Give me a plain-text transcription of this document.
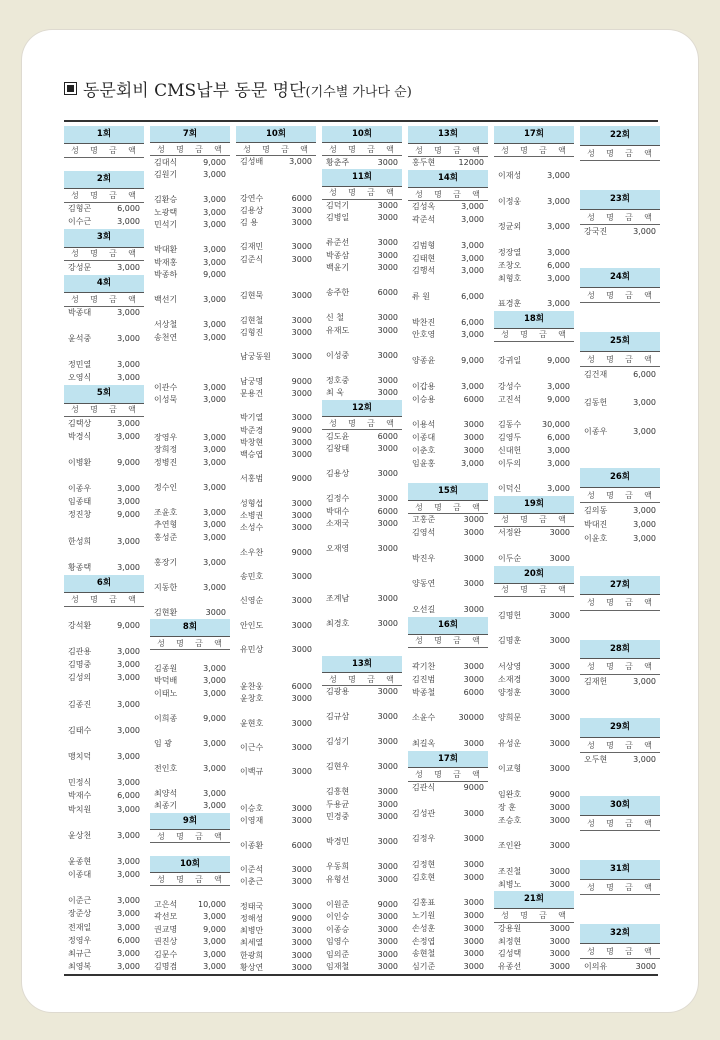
동문회비 CMS납부 동문 명단(기수별 가나다 순)
1회
성	명	금	액
2회
성	명	금	액
김형곤	6,000
이수근	3,000
3회
성	명	금	액
강성문	3,000
4회
성	명	금	액
박종대	3,000
윤석중	3,000
정민열	3,000
오영식	3,000
5회
성	명	금	액
김택상	3,000
박경식	3,000
이병환	9,000
이종우	3,000
임종태	3,000
정진창	9,000
한성희	3,000
황종택	3,000
6회
성	명	금	액
강석환	9,000
김관용	3,000
김명중	3,000
김성의	3,000
김종진	3,000
김태수	3,000
맹치덕	3,000
민정식	3,000
박재수	6,000
박치원	3,000
윤상천	3,000
윤종현	3,000
이종대	3,000
이준근	3,000
장준상	3,000
전재일	3,000
정영우	6,000
최규근	3,000
최영복	3,000
7회
성	명	금	액
김대식	9,000
김원기	3,000
김환승	3,000
노광택	3,000
민석기	3,000
박대환	3,000
박재홍	3,000
박종하	9,000
백선기	3,000
서상철	3,000
송천연	3,000
이관수	3,000
이성묵	3,000
장영우	3,000
장희정	3,000
정병진	3,000
정수인	3,000
조윤호	3,000
추연형	3,000
홍성준	3,000
홍장기	3,000
지동한	3,000
김현환	3000
8회
성	명	금	액
김종원	3,000
박덕배	3,000
이태노	3,000
이희종	9,000
임 광	3,000
전인호	3,000
최양석	3,000
최종기	3,000
9회
성	명	금	액
10회
성	명	금	액
고은석	10,000
곽선모	3,000
권교명	9,000
권진상	3,000
김문수	3,000
김명겸	3,000
10회
성	명	금	액
김성배	3,000
강연수	6000
김용상	3000
김 용	3000
김재민	3000
김준식	3000
김현묵	3000
김현철	3000
김형진	3000
남궁동원	3000
남궁명	9000
문용건	3000
박기열	3000
박준경	9000
박창현	3000
백승엽	3000
서홍범	9000
성형섭	3000
소병권	3000
소성수	3000
소우찬	9000
송민호	3000
신영순	3000
안인도	3000
유민상	3000
윤찬웅	6000
윤창호	3000
윤현호	3000
이근수	3000
이백규	3000
이승호	3000
이영재	3000
이종환	6000
이준석	3000
이춘근	3000
정태국	3000
정해성	9000
최병만	3000
최세열	3000
한광희	3000
황상연	3000
10회
성	명	금	액
황춘주	3000
11회
성	명	금	액
김덕기	3000
김병일	3000
류준선	3000
박종삼	3000
백윤기	3000
송주한	6000
신 철	3000
유재도	3000
이성중	3000
정호중	3000
최 욱	3000
12회
성	명	금	액
김도윤	6000
김왕태	3000
김용상	3000
김정수	3000
박대수	6000
소재국	3000
오재영	3000
조계남	3000
최경호	3000
13회
성	명	금	액
김광용	3000
김규삼	3000
김성기	3000
김현우	3000
김흥현	3000
두용균	3000
민경중	3000
박경민	3000
우동희	3000
유형선	3000
이원준	9000
이인승	3000
이종승	3000
임영수	3000
임의준	3000
임재철	3000
13회
성	명	금	액
홍두현	12000
14회
성	명	금	액
김성옥	3,000
곽준석	3,000
김범형	3,000
김태현	3,000
김행석	3,000
류 원	6,000
박찬진	6,000
안호영	3,000
양종윤	9,000
이갑용	3,000
이승용	6000
이용석	3000
이종대	3000
이춘호	3000
임윤홍	3,000
15회
성	명	금	액
고홍준	3000
김영석	3000
박진우	3000
양동연	3000
오선길	3000
16회
성	명	금	액
곽기찬	3000
김진범	3000
박종철	6000
소윤수	30000
최길옥	3000
17회
성	명	금	액
김관식	9000
김성관	3000
김정우	3000
김정현	3000
김호현	3000
김홍표	3000
노기원	3000
손성훈	3000
손정엽	3000
송현철	3000
심기준	3000
17회
성	명	금	액
이재성	3,000
이정웅	3,000
정균외	3,000
정장열	3,000
조창오	6,000
최형호	3,000
표경훈	3,000
18회
성	명	금	액
강귀일	9,000
강성수	3,000
고진석	9,000
김동수	30,000
김영두	6,000
신대헌	3,000
이두의	3,000
이덕신	3,000
19회
성	명	금	액
서정완	3000
이두순	3000
20회
성	명	금	액
김명헌	3000
김명훈	3000
서상영	3000
소재경	3000
양정훈	3000
양희문	3000
유성운	3000
이교형	3000
임완호	9000
장 훈	3000
조승호	3000
조인완	3000
조진철	3000
최병노	3000
21회
성	명	금	액
강용원	3000
최정현	3000
김성택	3000
유종선	3000
22회
성	명	금	액
23회
성	명	금	액
강국진	3,000
24회
성	명	금	액
25회
성	명	금	액
김건재	6,000
김동헌	3,000
이종우	3,000
26회
성	명	금	액
김의동	3,000
박대진	3,000
이윤호	3,000
27회
성	명	금	액
28회
성	명	금	액
김재헌	3,000
29회
성	명	금	액
오두현	3,000
30회
성	명	금	액
31회
성	명	금	액
32회
성	명	금	액
이의유	3000
